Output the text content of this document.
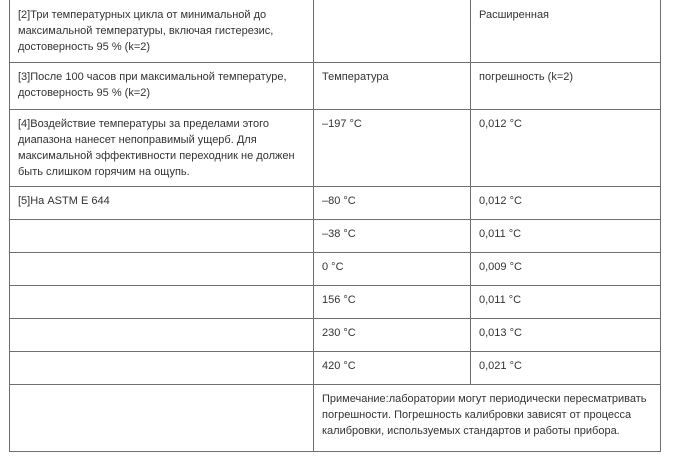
[2]Три температурных цикла от минимальной до максимальной температуры, включая гистерезис, достоверность 95 % (k=2)		Расширенная
[3]После 100 часов при максимальной температуре, достоверность 95 % (k=2)	Температура	погрешность (k=2)
[4]Воздействие температуры за пределами этого диапазона нанесет непоправимый ущерб. Для максимальной эффективности переходник не должен быть слишком горячим на ощупь.	–197 °C	0,012 °C
[5]На ASTM E 644	–80 °C	0,012 °C
	–38 °C	0,011 °C
	0 °C	0,009 °C
	156 °C	0,011 °C
	230 °C	0,013 °C
	420 °C	0,021 °C
	Примечание:лаборатории могут периодически пересматривать погрешности. Погрешность калибровки зависят от процесса калибровки, используемых стандартов и работы прибора.	
